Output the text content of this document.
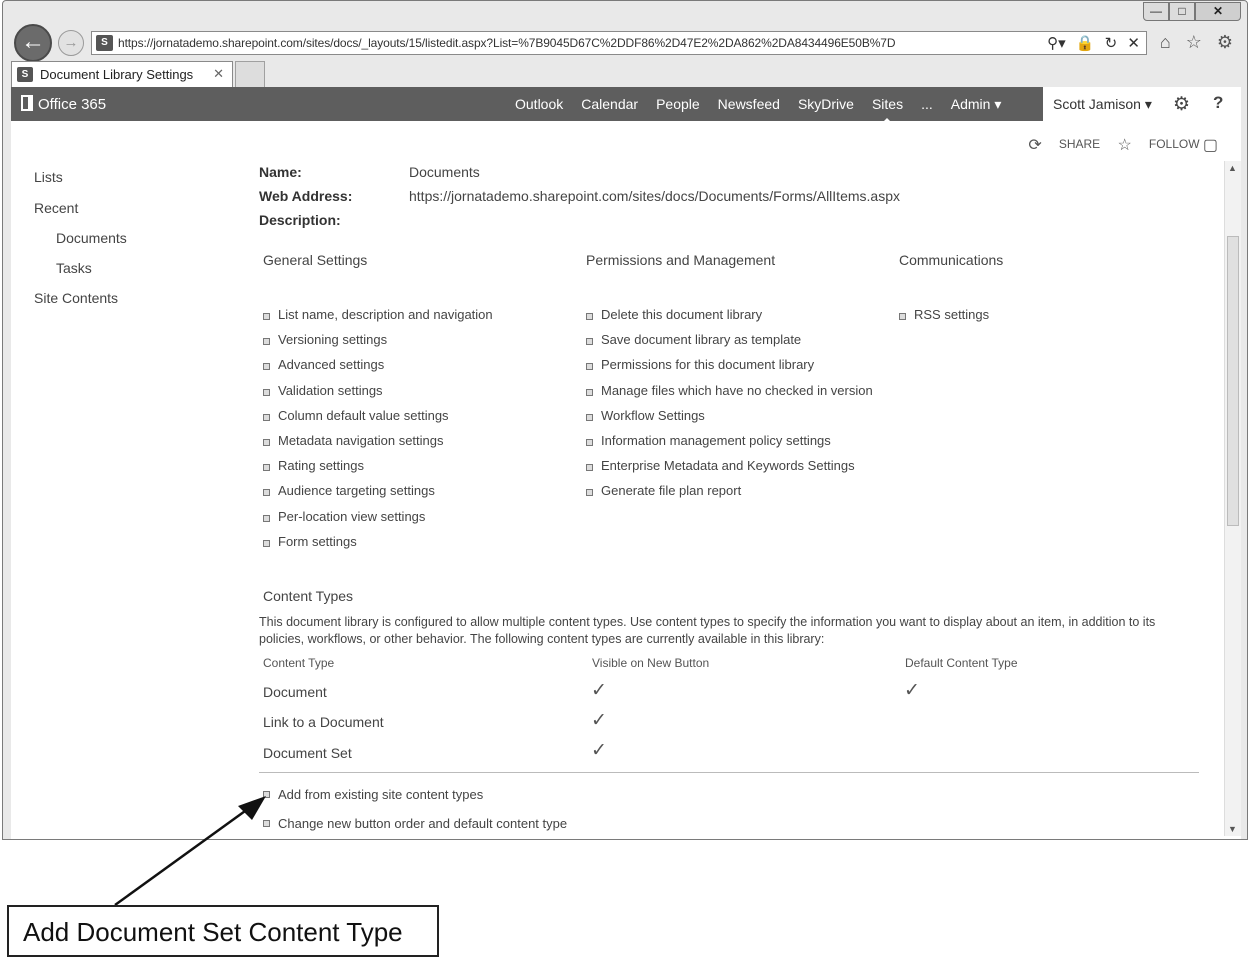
—	□	✕
←	→	S https://jornatademo.sharepoint.com/sites/docs/_layouts/15/listedit.aspx?List=%7B9045D67C%2DDF86%2D47E2%2DA862%2DA8434496E50B%7D	⚲▾ 🔒 ↻ ✕	⌂ ☆ ⚙
S Document Library Settings ✕
Office 365	Outlook Calendar People Newsfeed SkyDrive Sites ... Admin ▾	Scott Jamison ▾ ⚙ ?
⟳ SHARE ☆ FOLLOW ▢
▲
▼
Lists
Recent
Documents
Tasks
Site Contents
Name:	Documents
Web Address:	https://jornatademo.sharepoint.com/sites/docs/Documents/Forms/AllItems.aspx
Description:
General Settings	Permissions and Management	Communications
List name, description and navigation
Versioning settings
Advanced settings
Validation settings
Column default value settings
Metadata navigation settings
Rating settings
Audience targeting settings
Per-location view settings
Form settings
Delete this document library
Save document library as template
Permissions for this document library
Manage files which have no checked in version
Workflow Settings
Information management policy settings
Enterprise Metadata and Keywords Settings
Generate file plan report
RSS settings
Content Types
This document library is configured to allow multiple content types. Use content types to specify the information you want to display about an item, in addition to its policies, workflows, or other behavior. The following content types are currently available in this library:
Content Type	Visible on New Button	Default Content Type
Document	✓	✓
Link to a Document	✓
Document Set	✓
Add from existing site content types
Change new button order and default content type
Add Document Set Content Type
